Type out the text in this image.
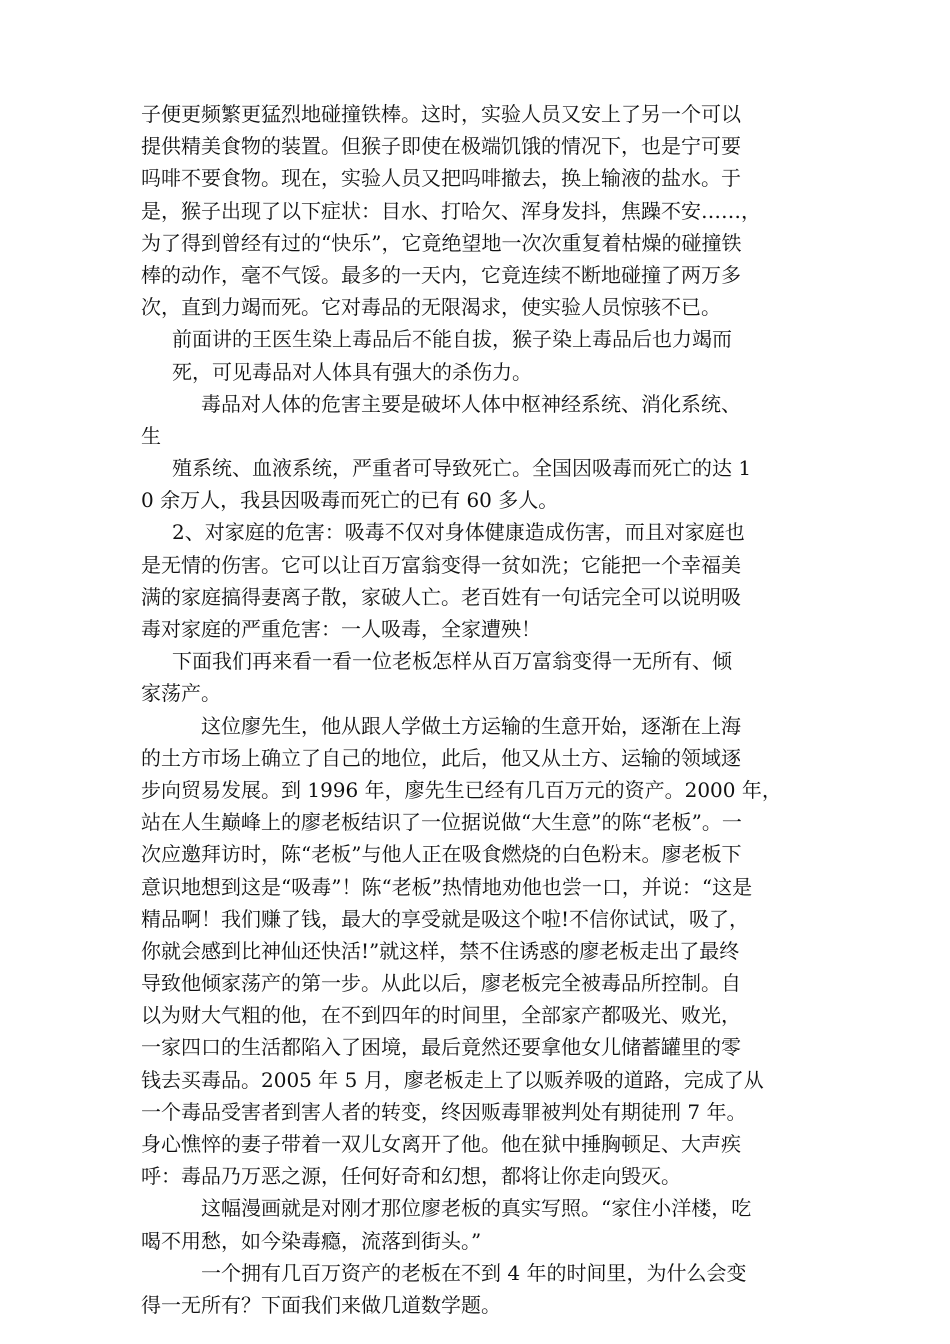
子便更频繁更猛烈地碰撞铁棒。这时，实验人员又安上了另一个可以
提供精美食物的装置。但猴子即使在极端饥饿的情况下，也是宁可要
吗啡不要食物。现在，实验人员又把吗啡撤去，换上输液的盐水。于
是，猴子出现了以下症状：目水、打哈欠、浑身发抖，焦躁不安……，
为了得到曾经有过的“快乐”，它竟绝望地一次次重复着枯燥的碰撞铁
棒的动作，毫不气馁。最多的一天内，它竟连续不断地碰撞了两万多
次，直到力竭而死。它对毒品的无限渴求，使实验人员惊骇不已。
前面讲的王医生染上毒品后不能自拔，猴子染上毒品后也力竭而
死，可见毒品对人体具有强大的杀伤力。
毒品对人体的危害主要是破坏人体中枢神经系统、消化系统、
生
殖系统、血液系统，严重者可导致死亡。全国因吸毒而死亡的达 1
0 余万人，我县因吸毒而死亡的已有 60 多人。
2、对家庭的危害：吸毒不仅对身体健康造成伤害，而且对家庭也
是无情的伤害。它可以让百万富翁变得一贫如洗；它能把一个幸福美
满的家庭搞得妻离子散，家破人亡。老百姓有一句话完全可以说明吸
毒对家庭的严重危害：一人吸毒，全家遭殃！
下面我们再来看一看一位老板怎样从百万富翁变得一无所有、倾
家荡产。
这位廖先生，他从跟人学做土方运输的生意开始，逐渐在上海
的土方市场上确立了自己的地位，此后，他又从土方、运输的领域逐
步向贸易发展。到 1996 年，廖先生已经有几百万元的资产。2000 年，
站在人生巅峰上的廖老板结识了一位据说做“大生意”的陈“老板”。一
次应邀拜访时，陈“老板”与他人正在吸食燃烧的白色粉末。廖老板下
意识地想到这是“吸毒”！陈“老板”热情地劝他也尝一口，并说：“这是
精品啊！我们赚了钱，最大的享受就是吸这个啦!不信你试试，吸了，
你就会感到比神仙还快活!”就这样，禁不住诱惑的廖老板走出了最终
导致他倾家荡产的第一步。从此以后，廖老板完全被毒品所控制。自
以为财大气粗的他，在不到四年的时间里，全部家产都吸光、败光，
一家四口的生活都陷入了困境，最后竟然还要拿他女儿储蓄罐里的零
钱去买毒品。2005 年 5 月，廖老板走上了以贩养吸的道路，完成了从
一个毒品受害者到害人者的转变，终因贩毒罪被判处有期徒刑 7 年。
身心憔悴的妻子带着一双儿女离开了他。他在狱中捶胸顿足、大声疾
呼：毒品乃万恶之源，任何好奇和幻想，都将让你走向毁灭。
这幅漫画就是对刚才那位廖老板的真实写照。“家住小洋楼，吃
喝不用愁，如今染毒瘾，流落到街头。”
一个拥有几百万资产的老板在不到 4 年的时间里，为什么会变
得一无所有？下面我们来做几道数学题。
